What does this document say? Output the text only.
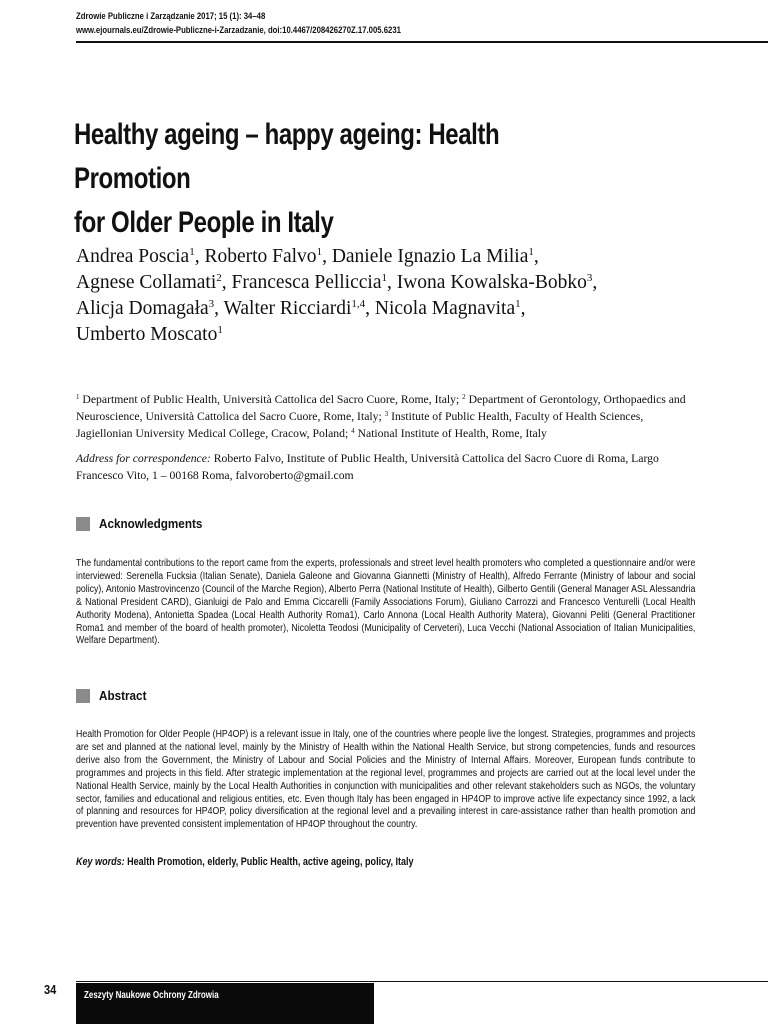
Zdrowie Publiczne i Zarządzanie 2017; 15 (1): 34–48
www.ejournals.eu/Zdrowie-Publiczne-i-Zarzadzanie, doi:10.4467/208426270Z.17.005.6231
Healthy ageing – happy ageing: Health Promotion
for Older People in Italy
Andrea Poscia$^1$, Roberto Falvo$^1$, Daniele Ignazio La Milia$^1$,
Agnese Collamati$^2$, Francesca Pelliccia$^1$, Iwona Kowalska-Bobko$^3$,
Alicja Domagała$^3$, Walter Ricciardi$^{1,4}$, Nicola Magnavita$^1$,
Umberto Moscato$^1$
$^1$ Department of Public Health, Università Cattolica del Sacro Cuore, Rome, Italy; $^2$ Department of Gerontology, Orthopaedics and Neuroscience, Università Cattolica del Sacro Cuore, Rome, Italy; $^3$ Institute of Public Health, Faculty of Health Sciences, Jagiellonian University Medical College, Cracow, Poland; $^4$ National Institute of Health, Rome, Italy
Address for correspondence: Roberto Falvo, Institute of Public Health, Università Cattolica del Sacro Cuore di Roma, Largo Francesco Vito, 1 – 00168 Roma, falvoroberto@gmail.com
Acknowledgments
The fundamental contributions to the report came from the experts, professionals and street level health promoters who completed a questionnaire and/or were interviewed: Serenella Fucksia (Italian Senate), Daniela Galeone and Giovanna Giannetti (Ministry of Health), Alfredo Ferrante (Ministry of labour and social policy), Antonio Mastrovincenzo (Council of the Marche Region), Alberto Perra (National Institute of Health), Gilberto Gentili (General Manager ASL Alessandria & National President CARD), Gianluigi de Palo and Emma Ciccarelli (Family Associations Forum), Giuliano Carrozzi and Francesco Venturelli (Local Health Authority Modena), Antonietta Spadea (Local Health Authority Roma1), Carlo Annona (Local Health Authority Matera), Giovanni Peliti (General Practitioner Roma1 and member of the board of health promoter), Nicoletta Teodosi (Municipality of Cerveteri), Luca Vecchi (National Association of Italian Municipalities, Welfare Department).
Abstract
Health Promotion for Older People (HP4OP) is a relevant issue in Italy, one of the countries where people live the longest. Strategies, programmes and projects are set and planned at the national level, mainly by the Ministry of Health within the National Health Service, but strong competencies, funds and resources derive also from the Government, the Ministry of Labour and Social Policies and the Ministry of Internal Affairs. Moreover, European funds contribute to programmes and projects in this field. After strategic implementation at the regional level, programmes and projects are carried out at the local level under the National Health Service, mainly by the Local Health Authorities in conjunction with municipalities and other relevant stakeholders such as NGOs, the voluntary sector, families and educational and religious entities, etc. Even though Italy has been engaged in HP4OP to improve active life expectancy since 1992, a lack of planning and resources for HP4OP, policy diversification at the regional level and a prevailing interest in care-assistance rather than health promotion and prevention have prevented consistent implementation of HP4OP throughout the country.
Key words: Health Promotion, elderly, Public Health, active ageing, policy, Italy
34	Zeszyty Naukowe Ochrony Zdrowia
